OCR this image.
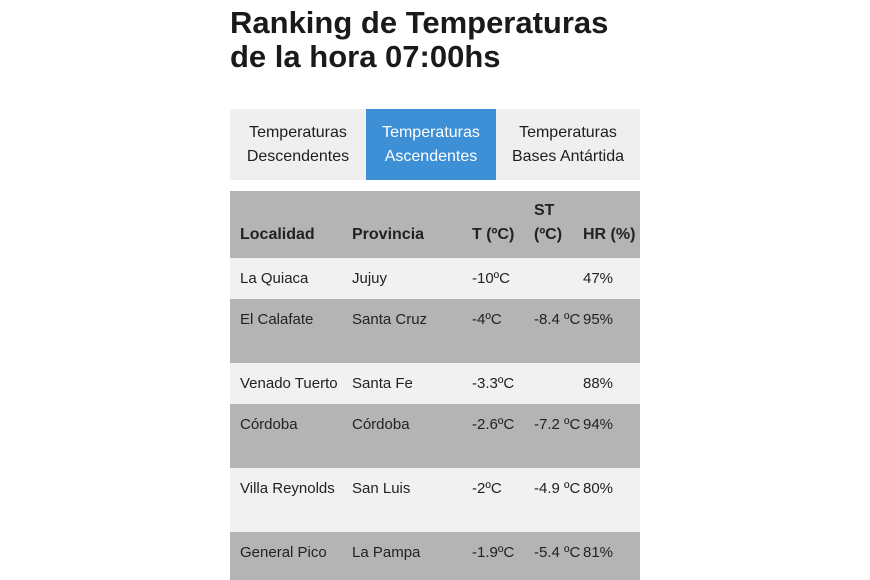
Ranking de Temperaturas de la hora 07:00hs
Temperaturas
Descendentes
Temperaturas
Ascendentes
Temperaturas
Bases Antártida
Localidad	Provincia	T (ºC)	ST (ºC)	HR (%)
La Quiaca	Jujuy	-10ºC		47%
El Calafate	Santa Cruz	-4ºC	-8.4 ºC	95%
Venado Tuerto	Santa Fe	-3.3ºC		88%
Córdoba	Córdoba	-2.6ºC	-7.2 ºC	94%
Villa Reynolds	San Luis	-2ºC	-4.9 ºC	80%
General Pico	La Pampa	-1.9ºC	-5.4 ºC	81%
